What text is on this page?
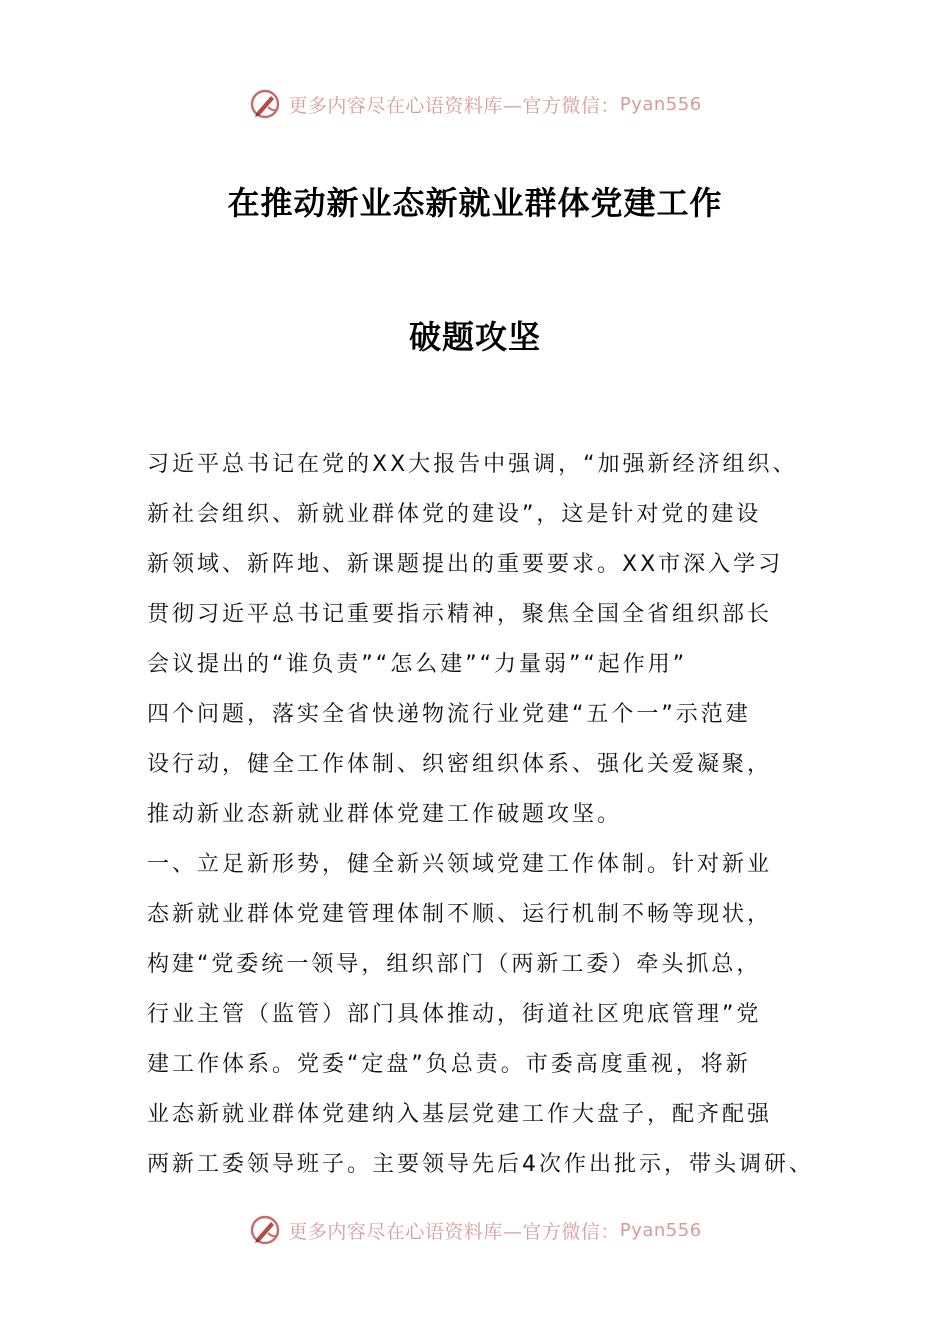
更多内容尽在心语资料库—官方微信： Pyan556
在推动新业态新就业群体党建工作
破题攻坚
习近平总书记在党的XX大报告中强调，“加强新经济组织、
新社会组织、新就业群体党的建设”，这是针对党的建设
新领域、新阵地、新课题提出的重要要求。XX市深入学习
贯彻习近平总书记重要指示精神，聚焦全国全省组织部长
会议提出的“谁负责”“怎么建”“力量弱”“起作用”
四个问题，落实全省快递物流行业党建“五个一”示范建
设行动，健全工作体制、织密组织体系、强化关爱凝聚，
推动新业态新就业群体党建工作破题攻坚。
一、立足新形势，健全新兴领域党建工作体制。针对新业
态新就业群体党建管理体制不顺、运行机制不畅等现状，
构建“党委统一领导，组织部门（两新工委）牵头抓总，
行业主管（监管）部门具体推动，街道社区兜底管理”党
建工作体系。党委“定盘”负总责。市委高度重视，将新
业态新就业群体党建纳入基层党建工作大盘子，配齐配强
两新工委领导班子。主要领导先后4次作出批示，带头调研、
更多内容尽在心语资料库—官方微信： Pyan556
